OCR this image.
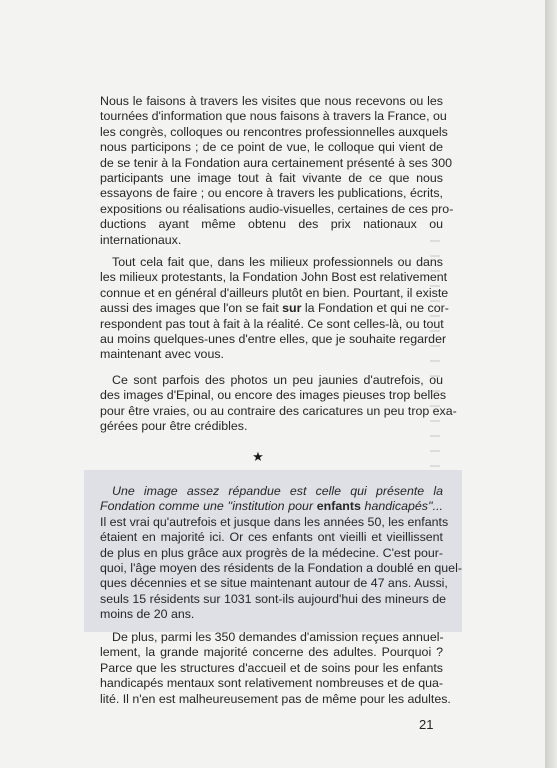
Nous le faisons à travers les visites que nous recevons ou les
tournées d'information que nous faisons à travers la France, ou
les congrès, colloques ou rencontres professionnelles auxquels
nous participons ; de ce point de vue, le colloque qui vient de
de se tenir à la Fondation aura certainement présenté à ses 300
participants une image tout à fait vivante de ce que nous
essayons de faire ; ou encore à travers les publications, écrits,
expositions ou réalisations audio-visuelles, certaines de ces pro-
ductions ayant même obtenu des prix nationaux ou
internationaux.

Tout cela fait que, dans les milieux professionnels ou dans
les milieux protestants, la Fondation John Bost est relativement
connue et en général d'ailleurs plutôt en bien. Pourtant, il existe
aussi des images que l'on se fait sur la Fondation et qui ne cor-
respondent pas tout à fait à la réalité. Ce sont celles-là, ou tout
au moins quelques-unes d'entre elles, que je souhaite regarder
maintenant avec vous.

Ce sont parfois des photos un peu jaunies d'autrefois, ou
des images d'Epinal, ou encore des images pieuses trop belles
pour être vraies, ou au contraire des caricatures un peu trop exa-
gérées pour être crédibles.

★

Une image assez répandue est celle qui présente la
Fondation comme une ''institution pour enfants handicapés''...
Il est vrai qu'autrefois et jusque dans les années 50, les enfants
étaient en majorité ici. Or ces enfants ont vieilli et vieillissent
de plus en plus grâce aux progrès de la médecine. C'est pour-
quoi, l'âge moyen des résidents de la Fondation a doublé en quel-
ques décennies et se situe maintenant autour de 47 ans. Aussi,
seuls 15 résidents sur 1031 sont-ils aujourd'hui des mineurs de
moins de 20 ans.

De plus, parmi les 350 demandes d'amission reçues annuel-
lement, la grande majorité concerne des adultes. Pourquoi ?
Parce que les structures d'accueil et de soins pour les enfants
handicapés mentaux sont relativement nombreuses et de qua-
lité. Il n'en est malheureusement pas de même pour les adultes.

21
